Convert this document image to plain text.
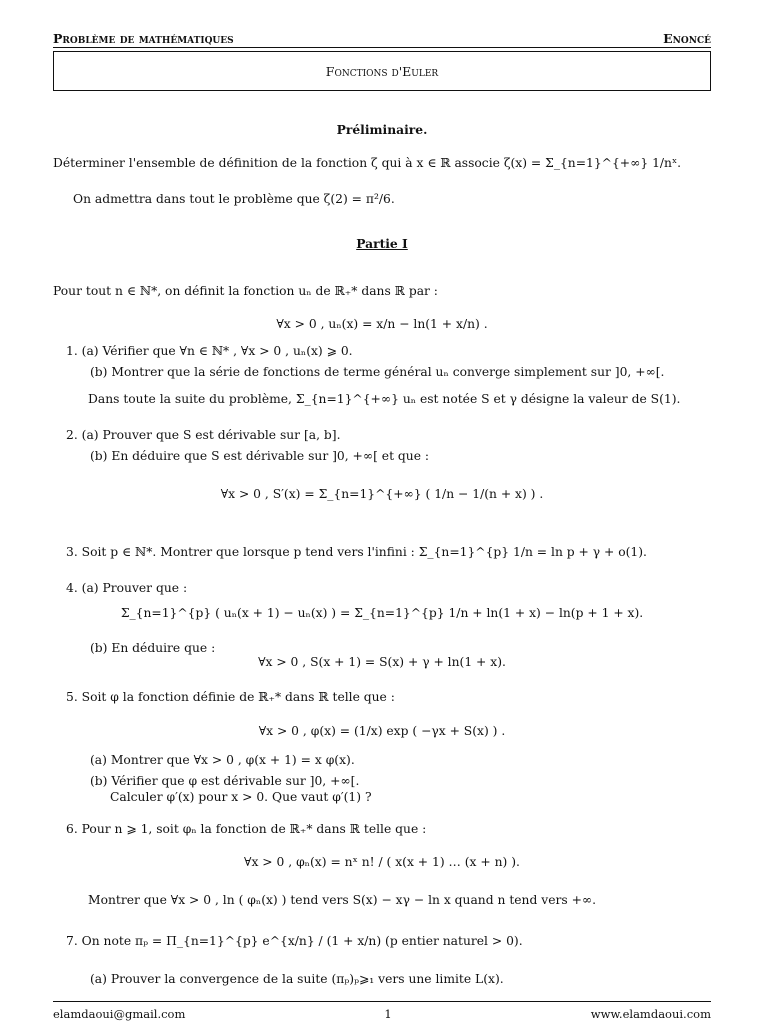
Problème de mathématiques	Enoncé
Fonctions d'Euler
Préliminaire.
Déterminer l'ensemble de définition de la fonction ζ qui à x ∈ ℝ associe ζ(x) = Σ_{n=1}^{+∞} 1/nˣ.
On admettra dans tout le problème que ζ(2) = π²/6.
Partie I
Pour tout n ∈ ℕ*, on définit la fonction uₙ de ℝ₊* dans ℝ par :
∀x > 0 , uₙ(x) = x/n − ln(1 + x/n) .
1. (a) Vérifier que ∀n ∈ ℕ* , ∀x > 0 , uₙ(x) ⩾ 0.
(b) Montrer que la série de fonctions de terme général uₙ converge simplement sur ]0, +∞[.
Dans toute la suite du problème, Σ_{n=1}^{+∞} uₙ est notée S et γ désigne la valeur de S(1).
2. (a) Prouver que S est dérivable sur [a, b].
(b) En déduire que S est dérivable sur ]0, +∞[ et que :
∀x > 0 , S′(x) = Σ_{n=1}^{+∞} ( 1/n − 1/(n + x) ) .
3. Soit p ∈ ℕ*. Montrer que lorsque p tend vers l'infini : Σ_{n=1}^{p} 1/n = ln p + γ + o(1).
4. (a) Prouver que :
Σ_{n=1}^{p} ( uₙ(x + 1) − uₙ(x) ) = Σ_{n=1}^{p} 1/n + ln(1 + x) − ln(p + 1 + x).
(b) En déduire que :
∀x > 0 , S(x + 1) = S(x) + γ + ln(1 + x).
5. Soit φ la fonction définie de ℝ₊* dans ℝ telle que :
∀x > 0 , φ(x) = (1/x) exp ( −γx + S(x) ) .
(a) Montrer que ∀x > 0 , φ(x + 1) = x φ(x).
(b) Vérifier que φ est dérivable sur ]0, +∞[.
Calculer φ′(x) pour x > 0. Que vaut φ′(1) ?
6. Pour n ⩾ 1, soit φₙ la fonction de ℝ₊* dans ℝ telle que :
∀x > 0 , φₙ(x) = nˣ n! / ( x(x + 1) … (x + n) ).
Montrer que ∀x > 0 , ln ( φₙ(x) ) tend vers S(x) − xγ − ln x quand n tend vers +∞.
7. On note πₚ = Π_{n=1}^{p} e^{x/n} / (1 + x/n) (p entier naturel > 0).
(a) Prouver la convergence de la suite (πₚ)ₚ⩾₁ vers une limite L(x).
elamdaoui@gmail.com	1	www.elamdaoui.com
